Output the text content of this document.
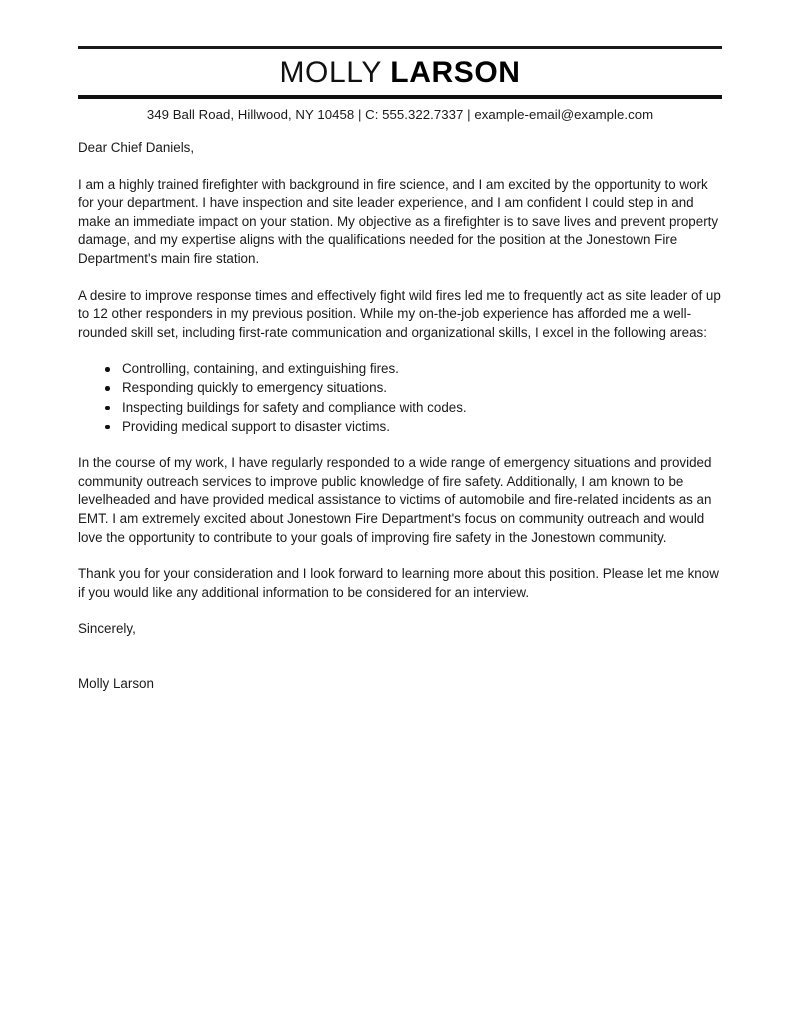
MOLLY LARSON
349 Ball Road, Hillwood, NY 10458 | C: 555.322.7337 | example-email@example.com

Dear Chief Daniels,

I am a highly trained firefighter with background in fire science, and I am excited by the opportunity to work for your department. I have inspection and site leader experience, and I am confident I could step in and make an immediate impact on your station. My objective as a firefighter is to save lives and prevent property damage, and my expertise aligns with the qualifications needed for the position at the Jonestown Fire Department's main fire station.

A desire to improve response times and effectively fight wild fires led me to frequently act as site leader of up to 12 other responders in my previous position. While my on-the-job experience has afforded me a well-rounded skill set, including first-rate communication and organizational skills, I excel in the following areas:

Controlling, containing, and extinguishing fires.
Responding quickly to emergency situations.
Inspecting buildings for safety and compliance with codes.
Providing medical support to disaster victims.

In the course of my work, I have regularly responded to a wide range of emergency situations and provided community outreach services to improve public knowledge of fire safety. Additionally, I am known to be levelheaded and have provided medical assistance to victims of automobile and fire-related incidents as an EMT. I am extremely excited about Jonestown Fire Department's focus on community outreach and would love the opportunity to contribute to your goals of improving fire safety in the Jonestown community.

Thank you for your consideration and I look forward to learning more about this position. Please let me know if you would like any additional information to be considered for an interview.

Sincerely,

Molly Larson
